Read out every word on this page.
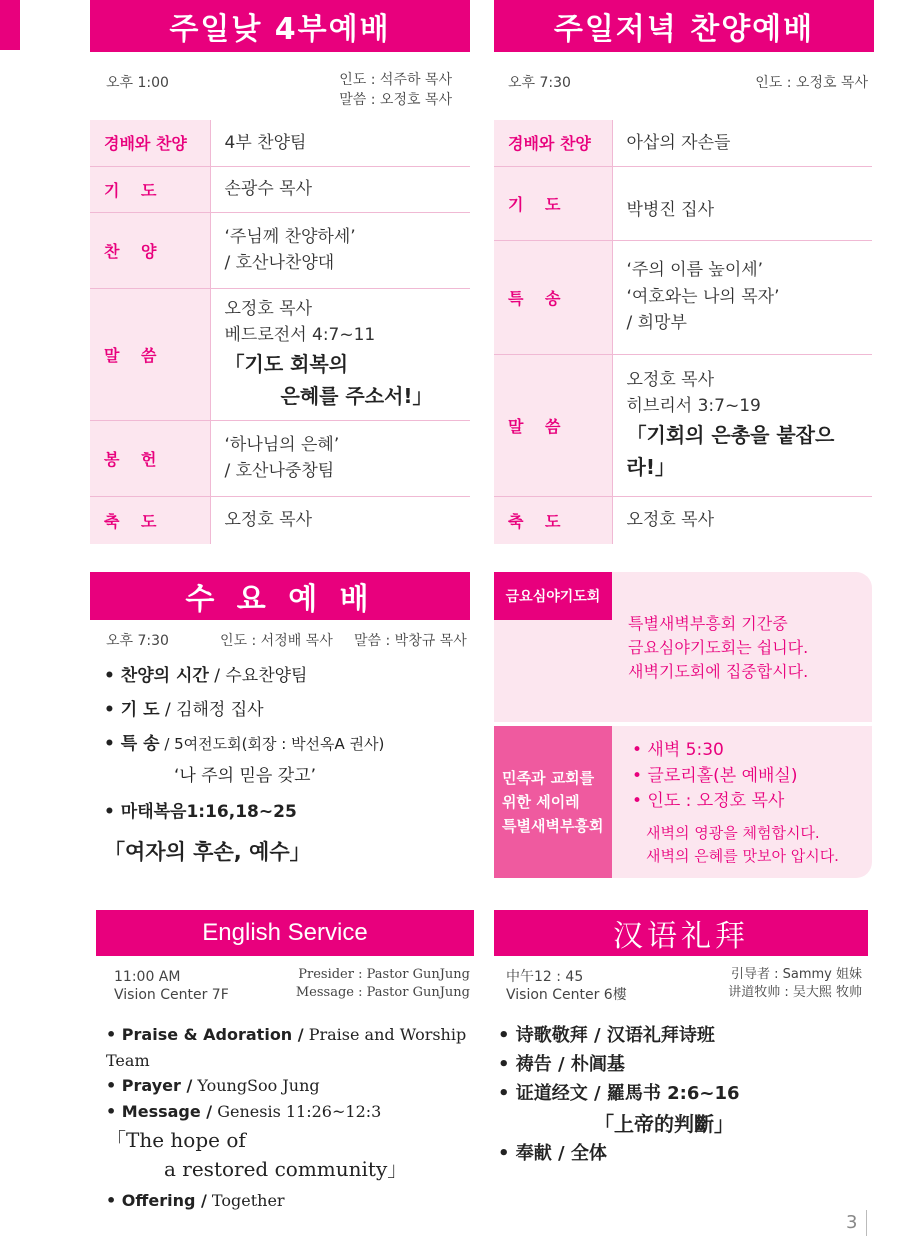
주일낮 4부예배
오후 1:00	인도 : 석주하 목사
말씀 : 오정호 목사
경배와 찬양	4부 찬양팀
기　 도	손광수 목사
찬　 양	‘주님께 찬양하세’
/ 호산나찬양대

말　 씀	오정호 목사
베드로전서 4:7~11
「기도 회복의
은혜를 주소서!」

봉　 헌	‘하나님의 은혜’
/ 호산나중창팀

축　 도	오정호 목사
주일저녁 찬양예배
오후 7:30	인도 : 오정호 목사
경배와 찬양	아삽의 자손들
기　 도	박병진 집사
특　 송	‘주의 이름 높이세’
‘여호와는 나의 목자’
/ 희망부

말　 씀	오정호 목사
히브리서 3:7~19
「기회의 은총을 붙잡으라!」

축　 도	오정호 목사
수 요 예 배
오후 7:30	인도 : 서정배 목사 말씀 : 박창규 목사
• 찬양의 시간 / 수요찬양팀
• 기 도 / 김해정 집사
• 특 송 / 5여전도회(회장 : 박선옥A 권사)
‘나 주의 믿음 갖고’
• 마태복음1:16,18~25
「여자의 후손, 예수」
금요심야기도회
특별새벽부흥회 기간중
금요심야기도회는 쉽니다.
새벽기도회에 집중합시다.
민족과 교회를
위한 세이레
특별새벽부흥회
• 새벽 5:30
• 글로리홀(본 예배실)
• 인도 : 오정호 목사
새벽의 영광을 체험합시다.
새벽의 은혜를 맛보아 압시다.
English Service
11:00 AM
Vision Center 7F
Presider : Pastor GunJung
Message : Pastor GunJung
• Praise & Adoration / Praise and Worship Team
• Prayer / YoungSoo Jung
• Message / Genesis 11:26~12:3
「The hope of
a restored community」
• Offering / Together
汉语礼拜
中午12 : 45
Vision Center 6樓
引导者 : Sammy 姐妹
讲道牧帅 : 吴大熙 牧帅
• 诗歌敬拜 / 汉语礼拜诗班
• 祷告 / 朴阊基
• 证道经文 / 羅馬书 2:6~16
「上帝的判斷」
• 奉献 / 全体
3
